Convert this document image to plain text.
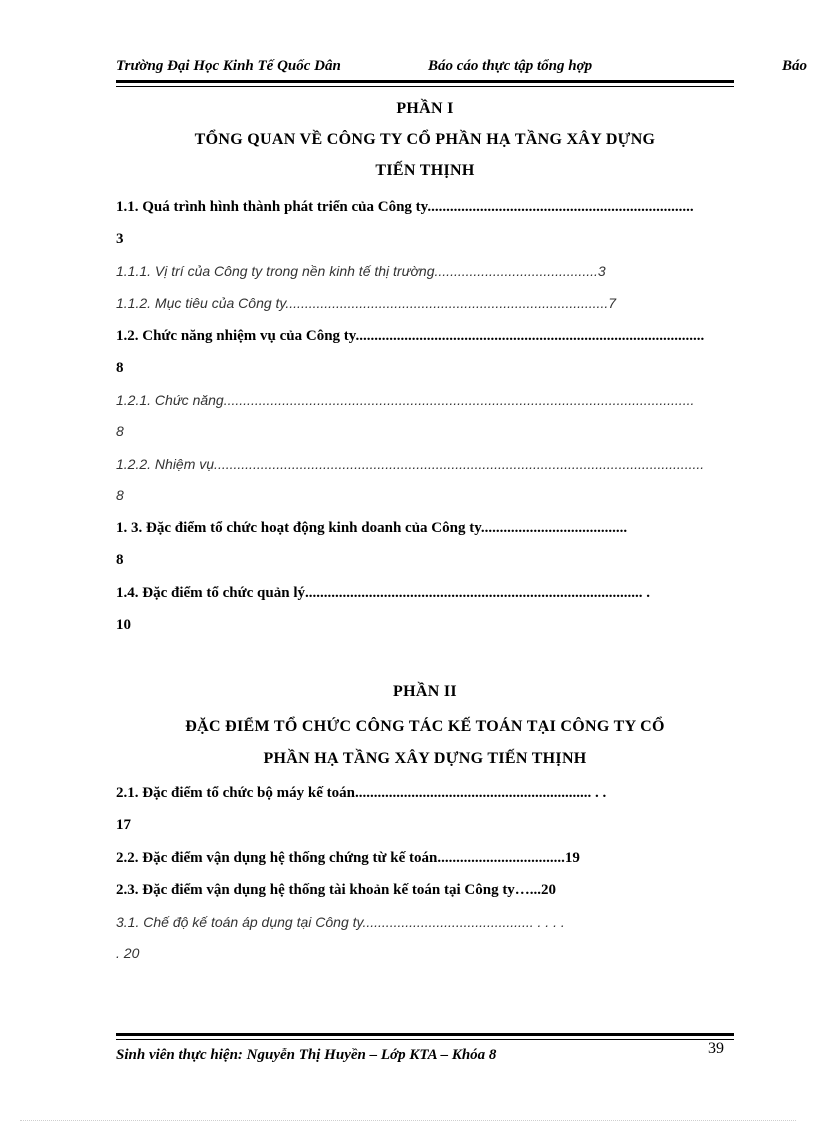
Trường Đại Học Kinh Tế Quốc Dân	Báo cáo thực tập tổng hợp	Báo
PHẦN I
TỔNG QUAN VỀ CÔNG TY CỔ PHẦN HẠ TẦNG XÂY DỰNG
TIẾN THỊNH
1.1. Quá trình hình thành phát triển của Công ty.......................................................................
3
1.1.1. Vị trí của Công ty trong nền kinh tế thị trường..........................................3
1.1.2. Mục tiêu của Công ty...................................................................................7
1.2. Chức năng nhiệm vụ của Công ty.............................................................................................
8
1.2.1. Chức năng.........................................................................................................................
8
1.2.2. Nhiệm vụ..............................................................................................................................
8
1. 3. Đặc điểm tổ chức hoạt động kinh doanh của Công ty.......................................
8
1.4. Đặc điểm tổ chức quản lý.......................................................................................... .
10
PHẦN II
ĐẶC ĐIỂM TỔ CHỨC CÔNG TÁC KẾ TOÁN TẠI CÔNG TY CỔ
PHẦN HẠ TẦNG XÂY DỰNG TIẾN THỊNH
2.1. Đặc điểm tổ chức bộ máy kế toán............................................................... . .
17
2.2. Đặc điểm vận dụng hệ thống chứng từ kế toán..................................19
2.3. Đặc điểm vận dụng hệ thống tài khoản kế toán tại Công ty…...20
3.1. Chế độ kế toán áp dụng tại Công ty............................................ . . . .
. 20
Sinh viên thực hiện: Nguyễn Thị Huyền – Lớp KTA – Khóa 8	39
